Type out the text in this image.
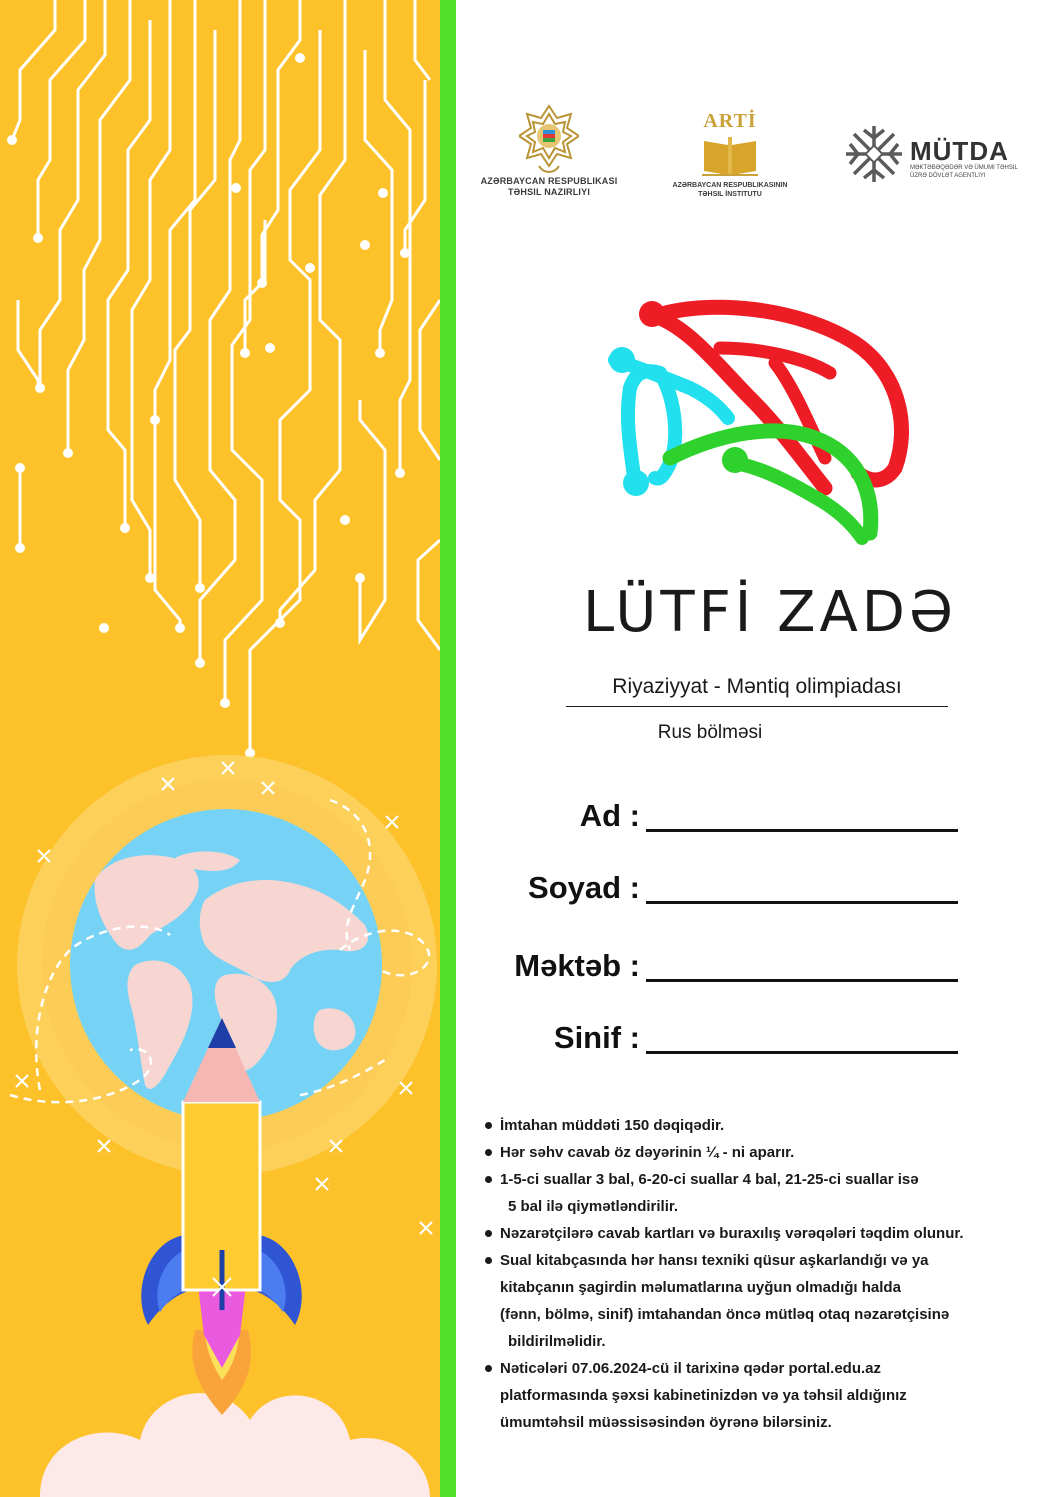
AZƏRBAYCAN RESPUBLIKASI
TƏHSIL NAZIRLIYI
ARTİ
AZƏRBAYCAN RESPUBLIKASININ
TƏHSIL İNSTITUTU
MÜTDA
MƏKTƏBƏQƏDƏR VƏ ÜMUMI TƏHSIL
ÜZRƏ DÖVLƏT AGENTLIYI
LÜTFİ ZADƏ
Riyaziyyat - Məntiq olimpiadası
Rus bölməsi
Ad :
Soyad :
Məktəb :
Sinif :
İmtahan müddəti 150 dəqiqədir.
Hər səhv cavab öz dəyərinin ¼ - ni aparır.
1-5-ci suallar 3 bal, 6-20-ci suallar 4 bal, 21-25-ci suallar isə
5 bal ilə qiymətləndirilir.
Nəzarətçilərə cavab kartları və buraxılış vərəqələri təqdim olunur.
Sual kitabçasında hər hansı texniki qüsur aşkarlandığı və ya
kitabçanın şagirdin məlumatlarına uyğun olmadığı halda
(fənn, bölmə, sinif) imtahandan öncə mütləq otaq nəzarətçisinə
bildirilməlidir.
Nəticələri 07.06.2024-cü il tarixinə qədər portal.edu.az
platformasında şəxsi kabinetinizdən və ya təhsil aldığınız
ümumtəhsil müəssisəsindən öyrənə bilərsiniz.
